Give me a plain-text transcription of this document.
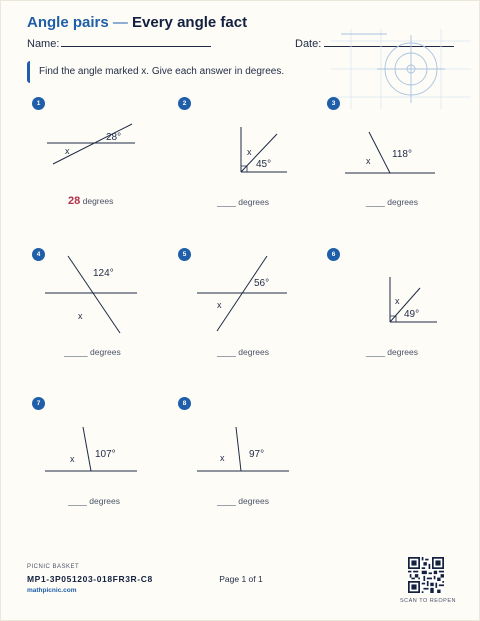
Angle pairs — Every angle fact
Name:	Date:
Find the angle marked x. Give each answer in degrees.
1
28°
x
28 degrees
2
x
45°
____ degrees
3
118°
x
____ degrees
4
124°
x
_____ degrees
5
56°
x
____ degrees
6
x
49°
____ degrees
7
107°
x
____ degrees
8
97°
x
____ degrees
PICNIC BASKET
MP1-3P051203-018FR3R-C8
mathpicnic.com
Page 1 of 1
SCAN TO REOPEN
